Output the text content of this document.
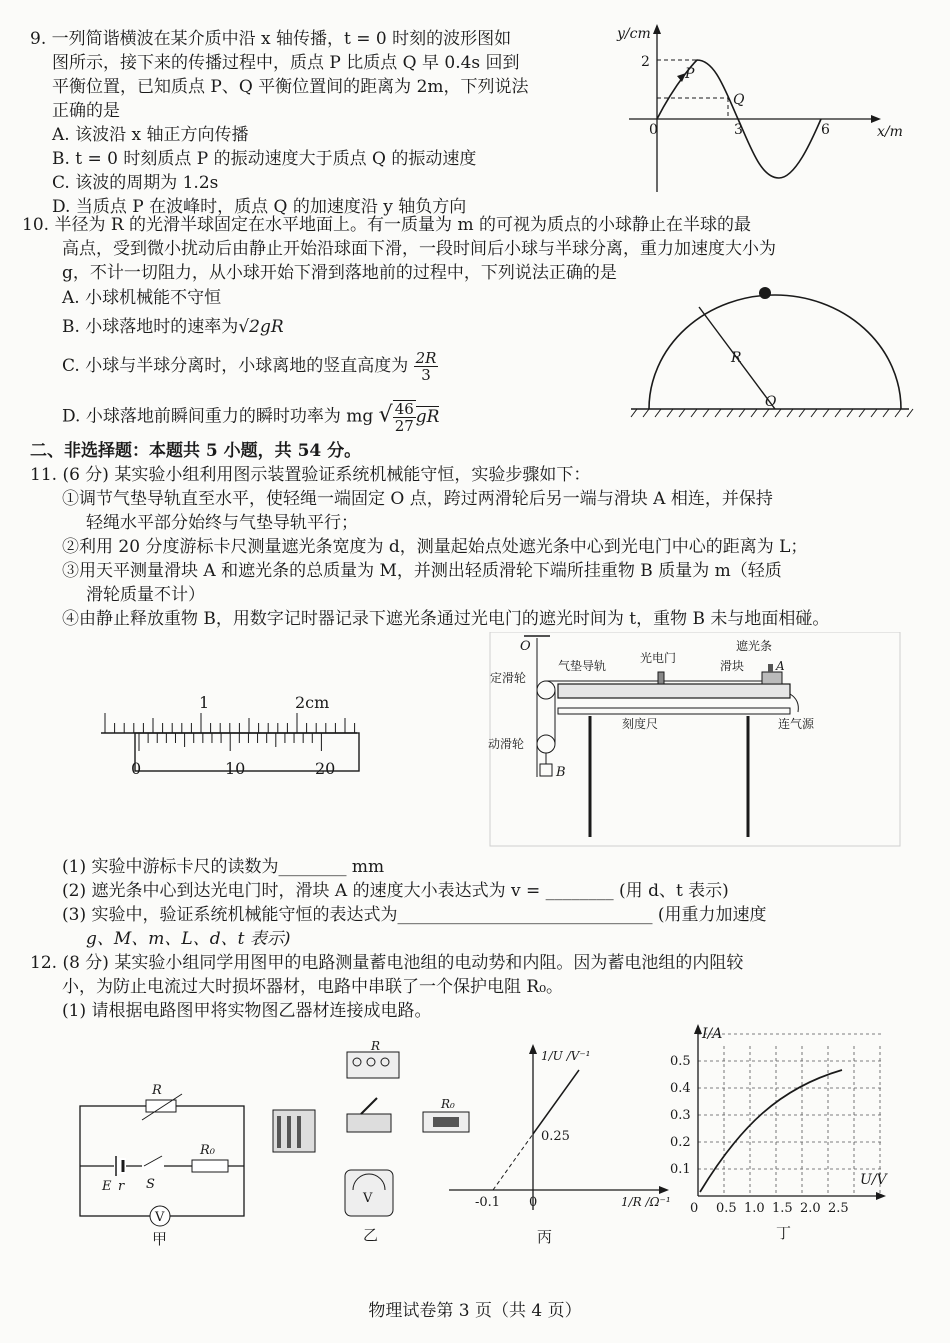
9. 一列简谐横波在某介质中沿 x 轴传播，t = 0 时刻的波形图如
图所示，接下来的传播过程中，质点 P 比质点 Q 早 0.4s 回到
平衡位置，已知质点 P、Q 平衡位置间的距离为 2m，下列说法
正确的是
A. 该波沿 x 轴正方向传播
B. t = 0 时刻质点 P 的振动速度大于质点 Q 的振动速度
C. 该波的周期为 1.2s
D. 当质点 P 在波峰时，质点 Q 的加速度沿 y 轴负方向
y/cm
2
0	3	6	x/m
P
Q
10. 半径为 R 的光滑半球固定在水平地面上。有一质量为 m 的可视为质点的小球静止在半球的最
高点，受到微小扰动后由静止开始沿球面下滑，一段时间后小球与半球分离，重力加速度大小为
g，不计一切阻力，从小球开始下滑到落地前的过程中，下列说法正确的是
A. 小球机械能不守恒
B. 小球落地时的速率为√2gR
C. 小球与半球分离时，小球离地的竖直高度为 $\frac{2R}{3}$
D. 小球落地前瞬间重力的瞬时功率为 mg √ $\frac{46}{27}$ gR
R
O
二、非选择题：本题共 5 小题，共 54 分。
11. (6 分) 某实验小组利用图示装置验证系统机械能守恒，实验步骤如下：
①调节气垫导轨直至水平，使轻绳一端固定 O 点，跨过两滑轮后另一端与滑块 A 相连，并保持
轻绳水平部分始终与气垫导轨平行；
②利用 20 分度游标卡尺测量遮光条宽度为 d，测量起始点处遮光条中心到光电门中心的距离为 L；
③用天平测量滑块 A 和遮光条的总质量为 M，并测出轻质滑轮下端所挂重物 B 质量为 m（轻质
滑轮质量不计）
④由静止释放重物 B，用数字记时器记录下遮光条通过光电门的遮光时间为 t，重物 B 未与地面相碰。
1	2cm
0	10	20
O
B
定滑轮
气垫导轨
光电门
遮光条
滑块	A
动滑轮
刻度尺	连气源
(1) 实验中游标卡尺的读数为________ mm
(2) 遮光条中心到达光电门时，滑块 A 的速度大小表达式为 v = ________ (用 d、t 表示)
(3) 实验中，验证系统机械能守恒的表达式为______________________________ (用重力加速度
g、M、m、L、d、t 表示)
12. (8 分) 某实验小组同学用图甲的电路测量蓄电池组的电动势和内阻。因为蓄电池组的内阻较
小，为防止电流过大时损坏器材，电路中串联了一个保护电阻 R₀。
(1) 请根据电路图甲将实物图乙器材连接成电路。
R
E r S
R₀
V
甲
R
R₀
V
乙
1/U /V⁻¹
0.25
-0.1 0	1/R /Ω⁻¹
丙
I/A
U/V
0.5
0.4
0.3
0.2
0.1
0 0.5 1.0 1.5 2.0 2.5
丁
物理试卷第 3 页（共 4 页）
